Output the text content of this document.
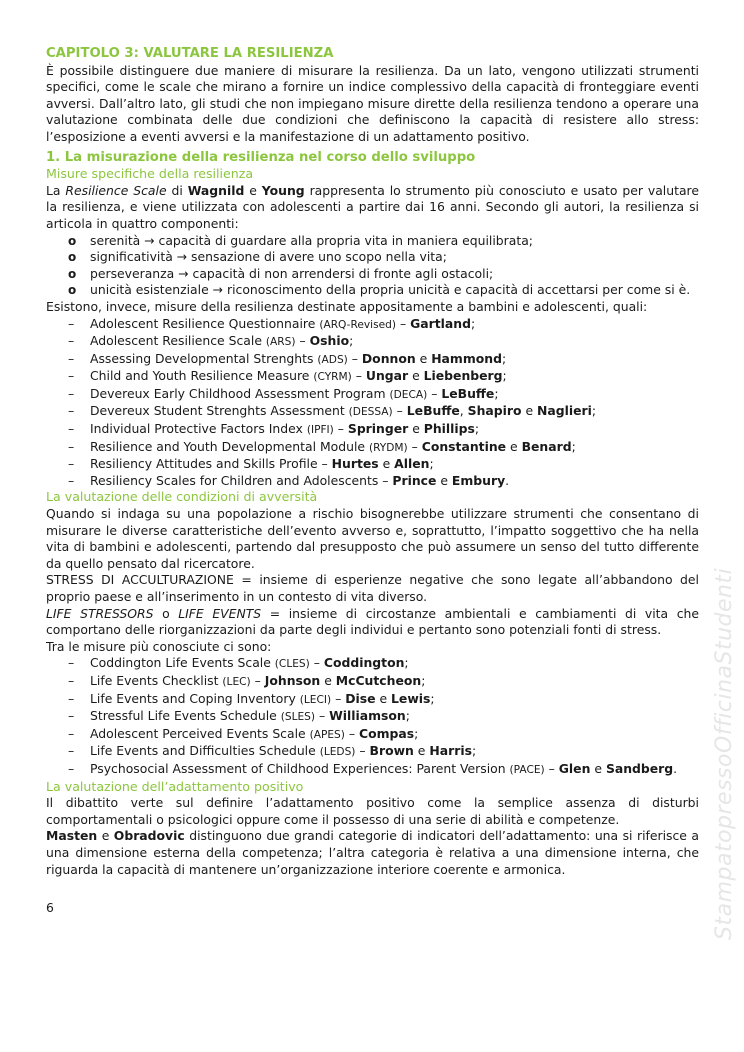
StampatopressoOfficinaStudenti
CAPITOLO 3: VALUTARE LA RESILIENZA

È possibile distinguere due maniere di misurare la resilienza. Da un lato, vengono utilizzati strumenti specifici, come le scale che mirano a fornire un indice complessivo della capacità di fronteggiare eventi avversi. Dall’altro lato, gli studi che non impiegano misure dirette della resilienza tendono a operare una valutazione combinata delle due condizioni che definiscono la capacità di resistere allo stress: l’esposizione a eventi avversi e la manifestazione di un adattamento positivo.

1. La misurazione della resilienza nel corso dello sviluppo
Misure specifiche della resilienza

La Resilience Scale di Wagnild e Young rappresenta lo strumento più conosciuto e usato per valutare la resilienza, e viene utilizzata con adolescenti a partire dai 16 anni. Secondo gli autori, la resilienza si articola in quattro componenti:

o serenità → capacità di guardare alla propria vita in maniera equilibrata;
o significatività → sensazione di avere uno scopo nella vita;
o perseveranza → capacità di non arrendersi di fronte agli ostacoli;
o unicità esistenziale → riconoscimento della propria unicità e capacità di accettarsi per come si è.

Esistono, invece, misure della resilienza destinate appositamente a bambini e adolescenti, quali:

– Adolescent Resilience Questionnaire (ARQ-Revised) – Gartland;
– Adolescent Resilience Scale (ARS) – Oshio;
– Assessing Developmental Strenghts (ADS) – Donnon e Hammond;
– Child and Youth Resilience Measure (CYRM) – Ungar e Liebenberg;
– Devereux Early Childhood Assessment Program (DECA) – LeBuffe;
– Devereux Student Strenghts Assessment (DESSA) – LeBuffe, Shapiro e Naglieri;
– Individual Protective Factors Index (IPFI) – Springer e Phillips;
– Resilience and Youth Developmental Module (RYDM) – Constantine e Benard;
– Resiliency Attitudes and Skills Profile – Hurtes e Allen;
– Resiliency Scales for Children and Adolescents – Prince e Embury.
La valutazione delle condizioni di avversità

Quando si indaga su una popolazione a rischio bisognerebbe utilizzare strumenti che consentano di misurare le diverse caratteristiche dell’evento avverso e, soprattutto, l’impatto soggettivo che ha nella vita di bambini e adolescenti, partendo dal presupposto che può assumere un senso del tutto differente da quello pensato dal ricercatore.

STRESS DI ACCULTURAZIONE = insieme di esperienze negative che sono legate all’abbandono del proprio paese e all’inserimento in un contesto di vita diverso.

LIFE STRESSORS o LIFE EVENTS = insieme di circostanze ambientali e cambiamenti di vita che comportano delle riorganizzazioni da parte degli individui e pertanto sono potenziali fonti di stress.

Tra le misure più conosciute ci sono:

– Coddington Life Events Scale (CLES) – Coddington;
– Life Events Checklist (LEC) – Johnson e McCutcheon;
– Life Events and Coping Inventory (LECI) – Dise e Lewis;
– Stressful Life Events Schedule (SLES) – Williamson;
– Adolescent Perceived Events Scale (APES) – Compas;
– Life Events and Difficulties Schedule (LEDS) – Brown e Harris;
– Psychosocial Assessment of Childhood Experiences: Parent Version (PACE) – Glen e Sandberg.
La valutazione dell’adattamento positivo

Il dibattito verte sul definire l’adattamento positivo come la semplice assenza di disturbi comportamentali o psicologici oppure come il possesso di una serie di abilità e competenze.

Masten e Obradovic distinguono due grandi categorie di indicatori dell’adattamento: una si riferisce a una dimensione esterna della competenza; l’altra categoria è relativa a una dimensione interna, che riguarda la capacità di mantenere un’organizzazione interiore coerente e armonica.

6
